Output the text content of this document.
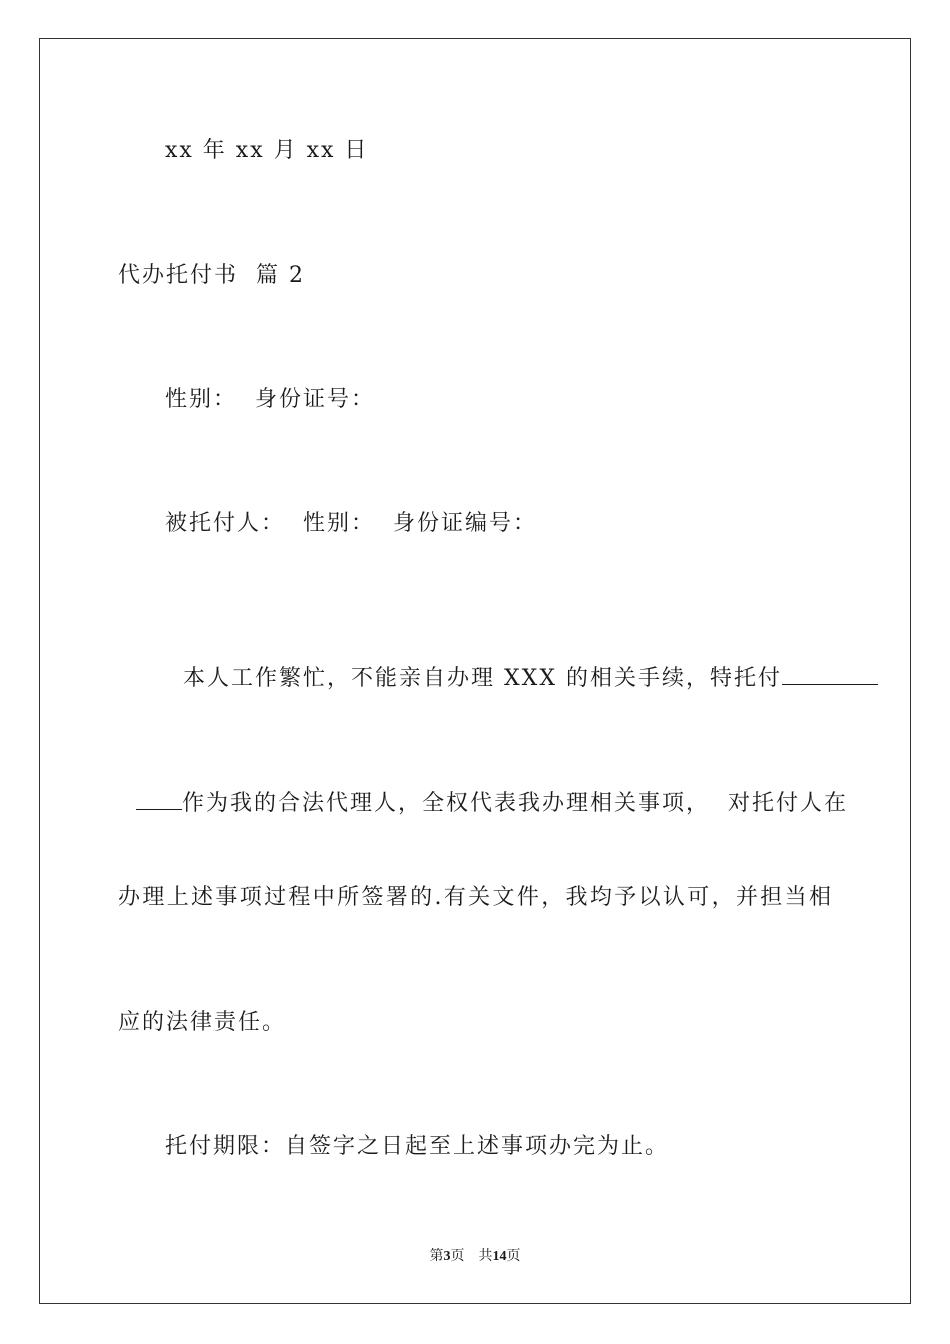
xx 年 xx 月 xx 日
代办托付书  篇 2
性别：  身份证号：
被托付人：  性别：  身份证编号：

本人工作繁忙，不能亲自办理 XXX 的相关手续，特托付

作为我的合法代理人，全权代表我办理相关事项，  对托付人在

办理上述事项过程中所签署的.有关文件，我均予以认可，并担当相
应的法律责任。
托付期限：自签字之日起至上述事项办完为止。
第3页 共14页
